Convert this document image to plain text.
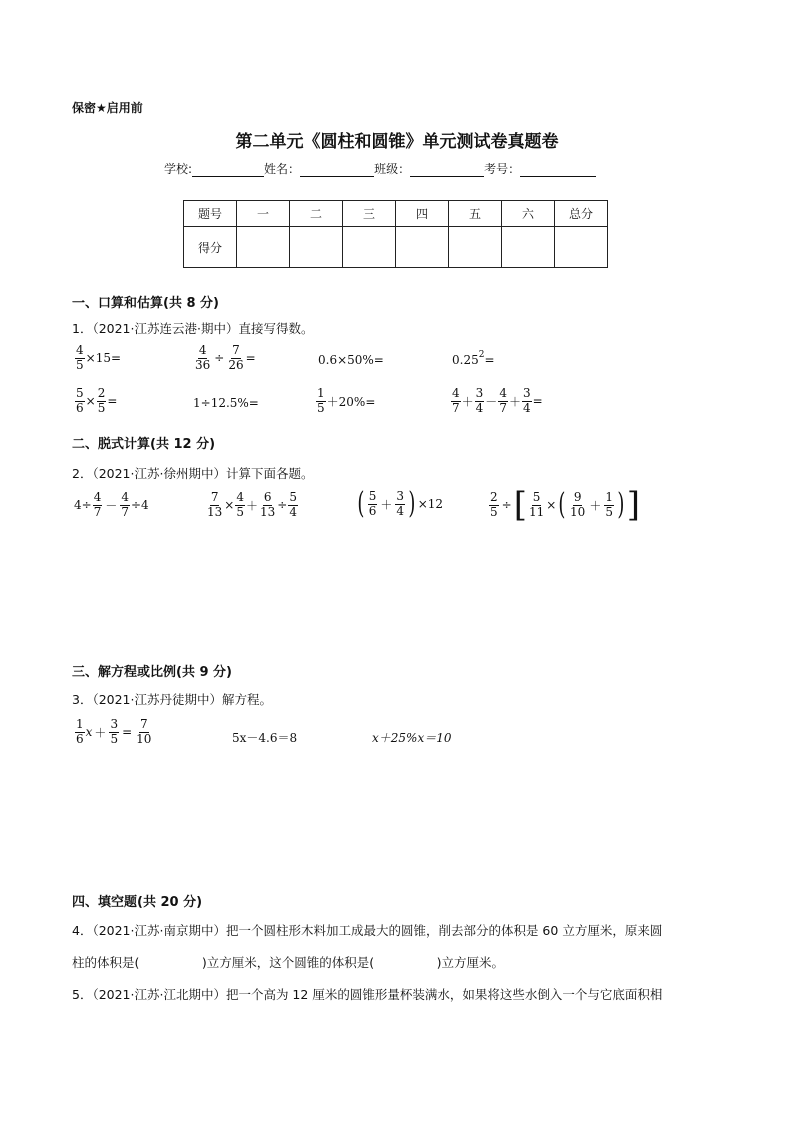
保密★启用前
第二单元《圆柱和圆锥》单元测试卷真题卷
学校:	姓名：	班级：	考号：
题号	一	二	三	四	五	六	总分
得分							
一、口算和估算(共 8 分)
1．（2021·江苏连云港·期中）直接写得数。
$\frac{4}{5} \times 15=$	$\frac{4}{36} \div \frac{7}{26}$ =	0.6×50%=	0.25 2 =
$\frac{5}{6} \times \frac{2}{5}$ =	1÷12.5%=	$\frac{1}{5} +20\%=$	$\frac{4}{7} + \frac{3}{4} - \frac{4}{7} + \frac{3}{4}$ =
二、脱式计算(共 12 分)
2．（2021·江苏·徐州期中）计算下面各题。
$4\div \frac{4}{7} - \frac{4}{7} \div 4$	$\frac{7}{13} \times \frac{4}{5} + \frac{6}{13} \div \frac{5}{4}$ ( $\frac{5}{6} + \frac{3}{4}$ ) ×12	$\frac{2}{5}$ ÷ [ $\frac{5}{11}$ × ( $\frac{9}{10} + \frac{1}{5}$ ) ]
三、解方程或比例(共 9 分)
3．（2021·江苏丹徒期中）解方程。
$\frac{1}{6}$ $x + \frac{3}{5} = \frac{7}{10}$	5x－4.6＝8	x＋25%x＝10
四、填空题(共 20 分)
4．（2021·江苏·南京期中）把一个圆柱形木料加工成最大的圆锥，削去部分的体积是 60 立方厘米，原来圆
柱的体积是(　　　　　)立方厘米，这个圆锥的体积是(　　　　　)立方厘米。
5．（2021·江苏·江北期中）把一个高为 12 厘米的圆锥形量杯装满水，如果将这些水倒入一个与它底面积相
